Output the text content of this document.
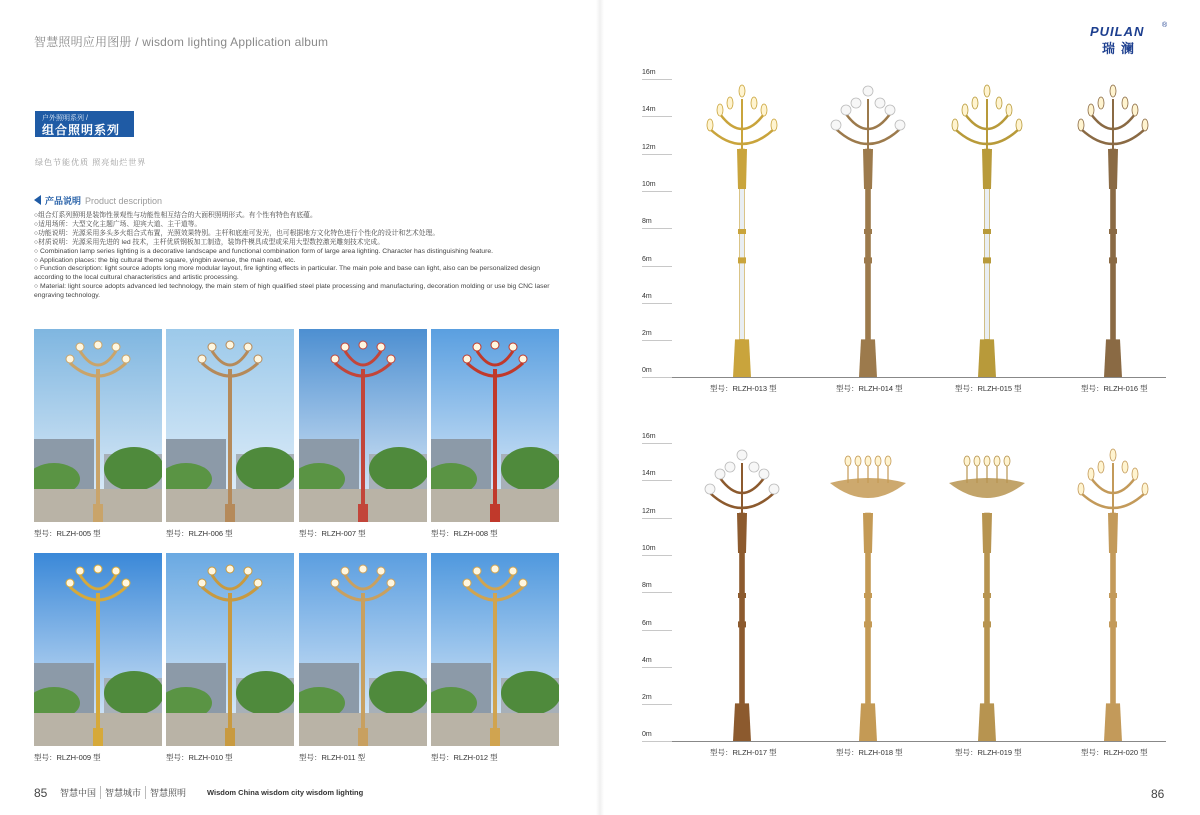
智慧照明应用图册 / wisdom lighting Application album
PUILAN	®
瑞澜
户外照明系列 /
组合照明系列
绿色节能优质 照亮灿烂世界
产品说明 Product description

○组合灯系列照明是装饰性景观性与功能性相互结合的大面积照明形式。有个性有特色有底蕴。

○适用场所：大型文化主题广场、迎宾大道、主干道等。

○功能说明：光源采用多头多火组合式布置，光照效果特别。主杆和底座可发光，也可根据地方文化特色进行个性化的设计和艺术处理。

○材质说明：光源采用先进的 led 技术，主杆优质钢板加工制造，装饰件模具成型或采用大型数控激光雕刻技术完成。

○ Combination lamp series lighting is a decorative landscape and functional combination form of large area lighting. Character has distinguishing feature.

○ Application places: the big cultural theme square, yingbin avenue, the main road, etc.

○ Function description: light source adopts long more modular layout, fire lighting effects in particular. The main pole and base can light, also can be personalized design according to the local cultural characteristics and artistic processing.

○ Material: light source adopts advanced led technology, the main stem of high qualified steel plate processing and manufacturing, decoration molding or use big CNC laser engraving technology.

型号：RLZH-005 型	型号：RLZH-006 型	型号：RLZH-007 型	型号：RLZH-008 型
型号：RLZH-009 型	型号：RLZH-010 型	型号：RLZH-011 型	型号：RLZH-012 型
16m
14m
12m
10m
8m
6m
4m
2m
0m
型号：RLZH-013 型	型号：RLZH-014 型	型号：RLZH-015 型	型号：RLZH-016 型
16m
14m
12m
10m
8m
6m
4m
2m
0m
型号：RLZH-017 型	型号：RLZH-018 型	型号：RLZH-019 型	型号：RLZH-020 型
85	智慧中国 智慧城市 智慧照明	Wisdom China wisdom city wisdom lighting	86
